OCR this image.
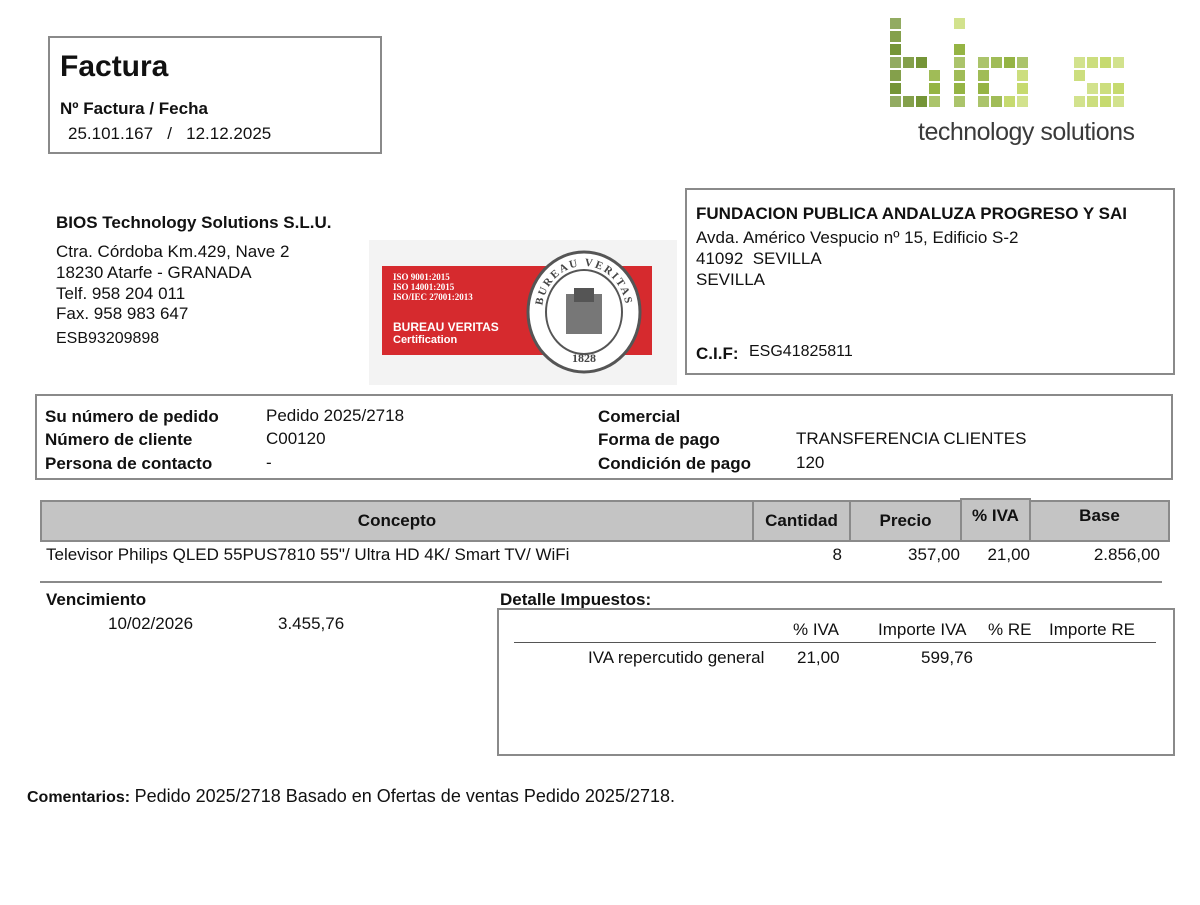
Factura
Nº Factura / Fecha
25.101.167   /   12.12.2025	technology solutions
BIOS Technology Solutions S.L.U.
Ctra. Córdoba Km.429, Nave 2
18230 Atarfe - GRANADA
Telf. 958 204 011
Fax. 958 983 647
ESB93209898
ISO 9001:2015
ISO 14001:2015
ISO/IEC 27001:2013
BUREAU VERITAS
Certification
BUREAU VERITAS
1828
FUNDACION PUBLICA ANDALUZA PROGRESO Y SAI
Avda. Américo Vespucio nº 15, Edificio S-2
41092  SEVILLA
SEVILLA
C.I.F: ESG41825811
Su número de pedido	Pedido 2025/2718
Número de cliente	C00120
Persona de contacto	-
Comercial
Forma de pago	TRANSFERENCIA CLIENTES
Condición de pago	120
Concepto	Cantidad	Precio	% IVA	Base
Televisor Philips QLED 55PUS7810 55"/ Ultra HD 4K/ Smart TV/ WiFi	8	357,00 21,00	2.856,00
Vencimiento
10/02/2026	3.455,76
Detalle Impuestos:
% IVA Importe IVA % RE Importe RE
IVA repercutido general 21,00	599,76
Comentarios: Pedido 2025/2718 Basado en Ofertas de ventas Pedido 2025/2718.
